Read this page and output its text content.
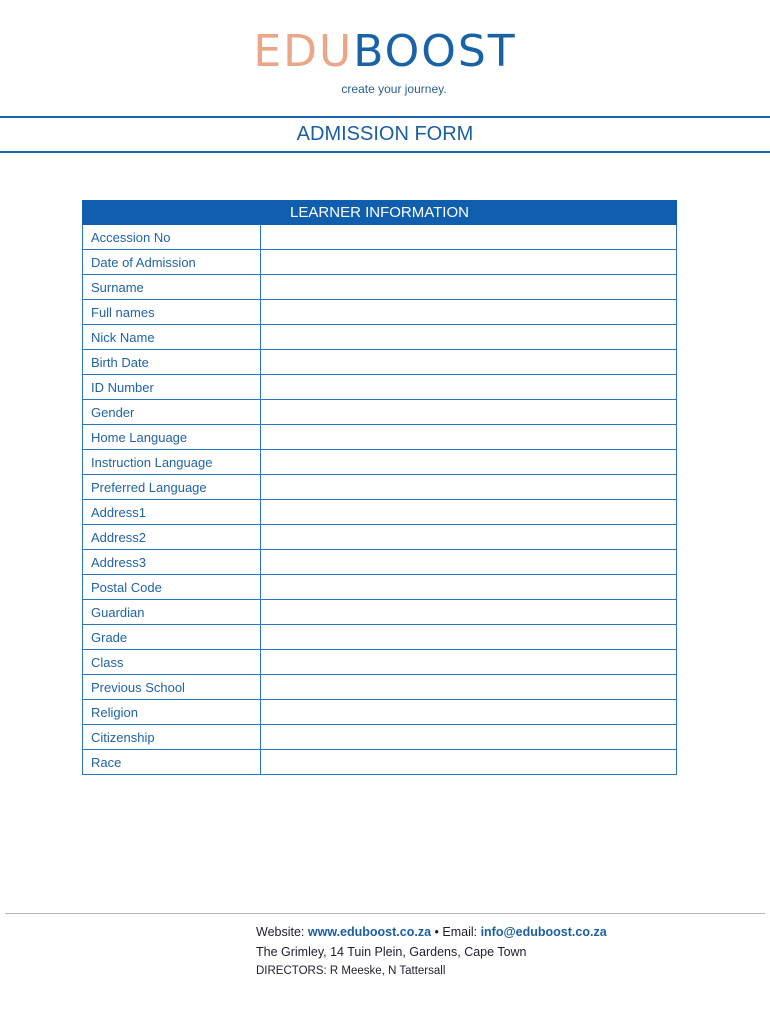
EDUBOOST
create your journey.
ADMISSION FORM
LEARNER INFORMATION	
Accession No	
Date of Admission	
Surname	
Full names	
Nick Name	
Birth Date	
ID Number	
Gender	
Home Language	
Instruction Language	
Preferred Language	
Address1	
Address2	
Address3	
Postal Code	
Guardian	
Grade	
Class	
Previous School	
Religion	
Citizenship	
Race	
Website: www.eduboost.co.za • Email: info@eduboost.co.za
The Grimley, 14 Tuin Plein, Gardens, Cape Town
DIRECTORS: R Meeske, N Tattersall
